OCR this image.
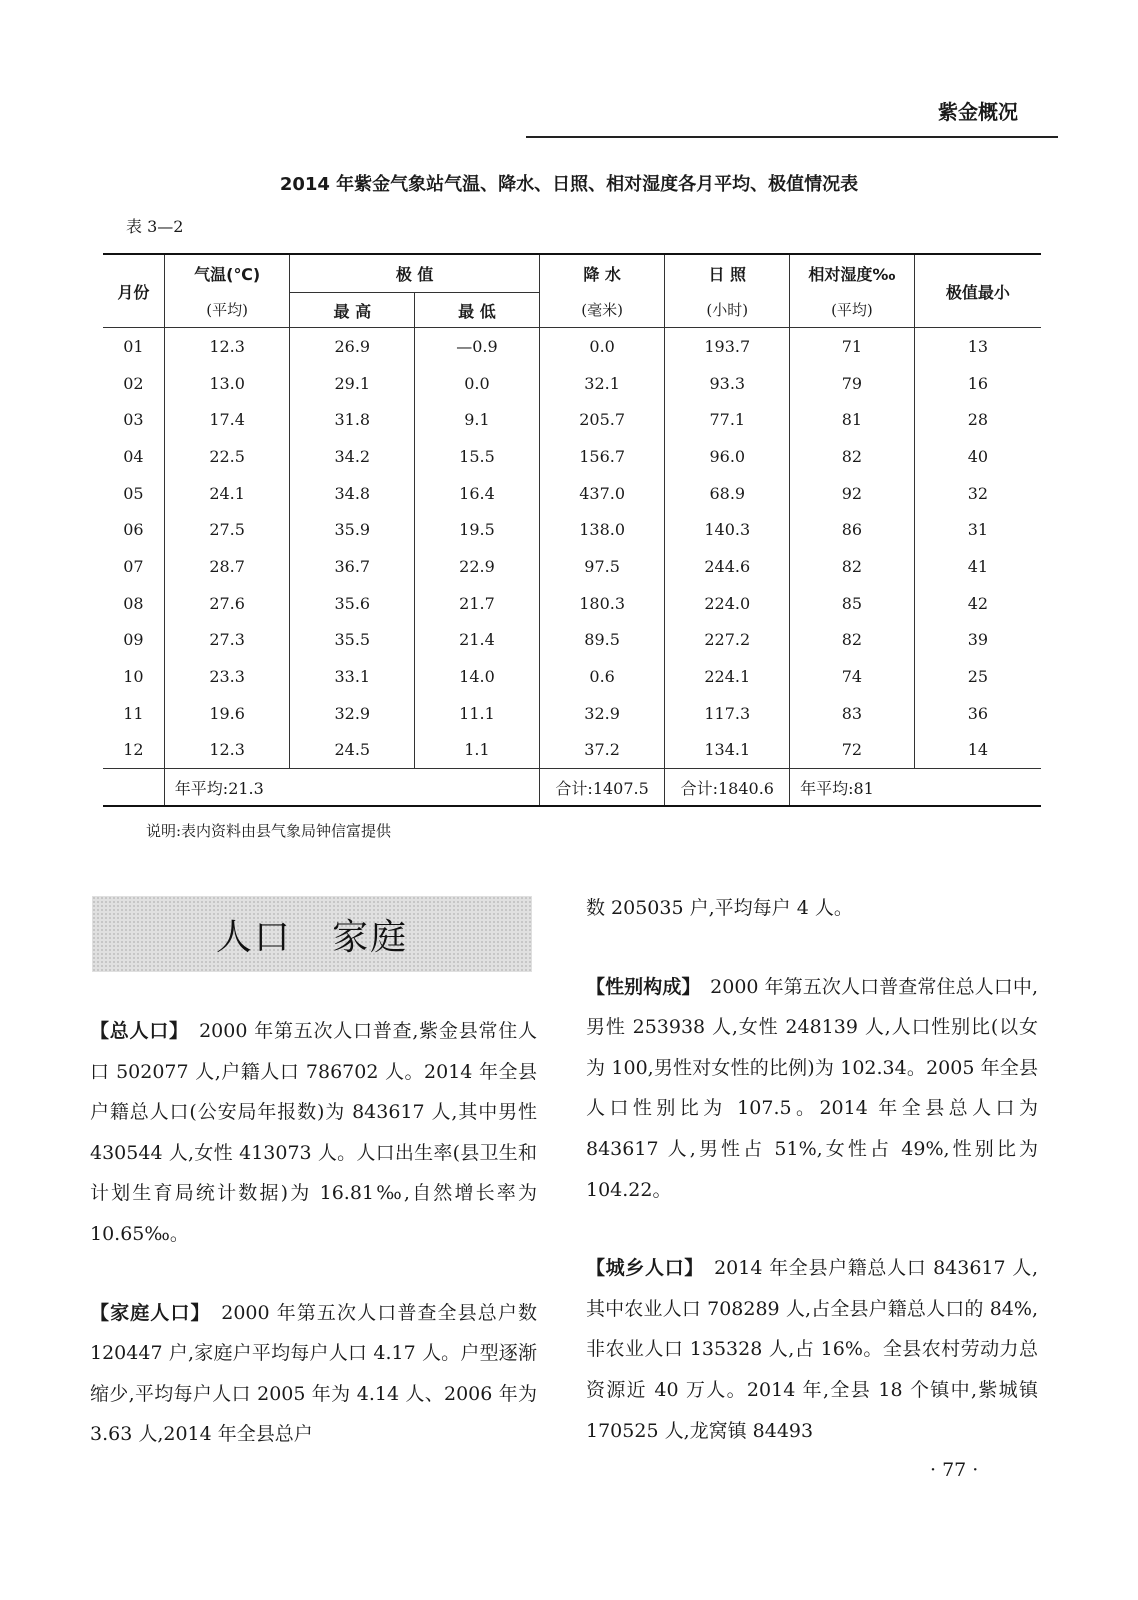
紫金概况
2014 年紫金气象站气温、降水、日照、相对湿度各月平均、极值情况表
表 3—2
月份	气温(℃)	极 值		降 水	日 照	相对湿度‰	极值最小
	(平均)	最 高	最 低	(毫米)	(小时)	(平均)	
01	12.3	26.9	—0.9	0.0	193.7	71	13
02	13.0	29.1	0.0	32.1	93.3	79	16
03	17.4	31.8	9.1	205.7	77.1	81	28
04	22.5	34.2	15.5	156.7	96.0	82	40
05	24.1	34.8	16.4	437.0	68.9	92	32
06	27.5	35.9	19.5	138.0	140.3	86	31
07	28.7	36.7	22.9	97.5	244.6	82	41
08	27.6	35.6	21.7	180.3	224.0	85	42
09	27.3	35.5	21.4	89.5	227.2	82	39
10	23.3	33.1	14.0	0.6	224.1	74	25
11	19.6	32.9	11.1	32.9	117.3	83	36
12	12.3	24.5	1.1	37.2	134.1	72	14
	年平均:21.3			合计:1407.5	合计:1840.6	年平均:81	
说明:表内资料由县气象局钟信富提供
人口   家庭

【总人口】　2000 年第五次人口普查,紫金县常住人口 502077 人,户籍人口 786702 人。2014 年全县户籍总人口(公安局年报数)为 843617 人,其中男性 430544 人,女性 413073 人。人口出生率(县卫生和计划生育局统计数据)为 16.81‰,自然增长率为 10.65‰。

【家庭人口】　2000 年第五次人口普查全县总户数 120447 户,家庭户平均每户人口 4.17 人。户型逐渐缩少,平均每户人口 2005 年为 4.14 人、2006 年为 3.63 人,2014 年全县总户

数 205035 户,平均每户 4 人。

【性别构成】　2000 年第五次人口普查常住总人口中,男性 253938 人,女性 248139 人,人口性别比(以女为 100,男性对女性的比例)为 102.34。2005 年全县人口性别比为 107.5。2014 年全县总人口为 843617 人,男性占 51%,女性占 49%,性别比为 104.22。

【城乡人口】　2014 年全县户籍总人口 843617 人,其中农业人口 708289 人,占全县户籍总人口的 84%,非农业人口 135328 人,占 16%。全县农村劳动力总资源近 40 万人。2014 年,全县 18 个镇中,紫城镇 170525 人,龙窝镇 84493

· 77 ·
